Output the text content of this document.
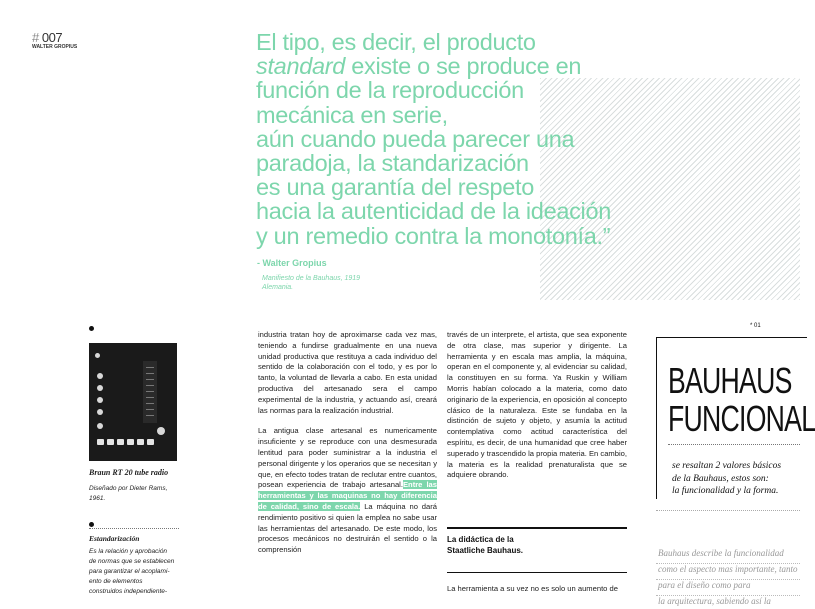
# 007
WALTER GROPIUS	El tipo, es decir, el producto
standard existe o se produce en
función de la reproducción
mecánica en serie,
aún cuando pueda parecer una
paradoja, la standarización
es una garantía del respeto
hacia la autenticidad de la ideación
y un remedio contra la monotonía.”
- Walter Gropius
Manifiesto de la Bauhaus, 1919
Alemania.
Braun RT 20 tube radio
Diseñado por Dieter Rams,
1961.
Estandarización
Es la relación y aprobación
de normas que se establecen
para garantizar el acoplami-
ento de elementos
construidos independiente-

industria tratan hoy de aproximarse cada vez mas, teniendo a fundirse gradualmente en una nueva unidad productiva que restituya a cada individuo del sentido de la colaboración con el todo, y es por lo tanto, la voluntad de llevarla a cabo. En esta unidad productiva del artesanado sera el campo experimental de la industria, y actuando así, creará las normas para la realización industrial.

La antigua clase artesanal es numericamente insuficiente y se reproduce con una desmesurada lentitud para poder suministrar a la industria el personal dirigente y los operarios que se necesitan y que, en efecto todes tratan de reclutar entre cuantos, posean experiencia de trabajo artesanal.Entre las herramientas y las maquinas no hay diferencia de calidad, sino de escala. La máquina no dará rendimiento positivo si quien la emplea no sabe usar las herramientas del artesanado. De este modo, los procesos mecánicos no destruirán el sentido o la comprensión

través de un interprete, el artista, que sea exponente de otra clase, mas superior y dirigente. La herramienta y en escala mas amplia, la máquina, operan en el componente y, al evidenciar su calidad, la constituyen en su forma. Ya Ruskin y William Morris habían colocado a la materia, como dato originario de la experiencia, en oposición al concepto clásico de la naturaleza. Este se fundaba en la distinción de sujeto y objeto, y asumía la actitud contemplativa como actitud característica del espíritu, es decir, de una humanidad que cree haber superado y trascendido la propia materia. En cambio, la materia es la realidad prenaturalista que se adquiere obrando.

La didáctica de la
Staatliche Bauhaus.
La herramienta a su vez no es solo un aumento de
* 01
BAUHAUS
FUNCIONAL
se resaltan 2 valores básicos
de la Bauhaus, estos son:
la funcionalidad y la forma.
Bauhaus describe la funcionalidad
como el aspecto mas importante, tanto
para el diseño como para
la arquitectura, sabiendo así la
